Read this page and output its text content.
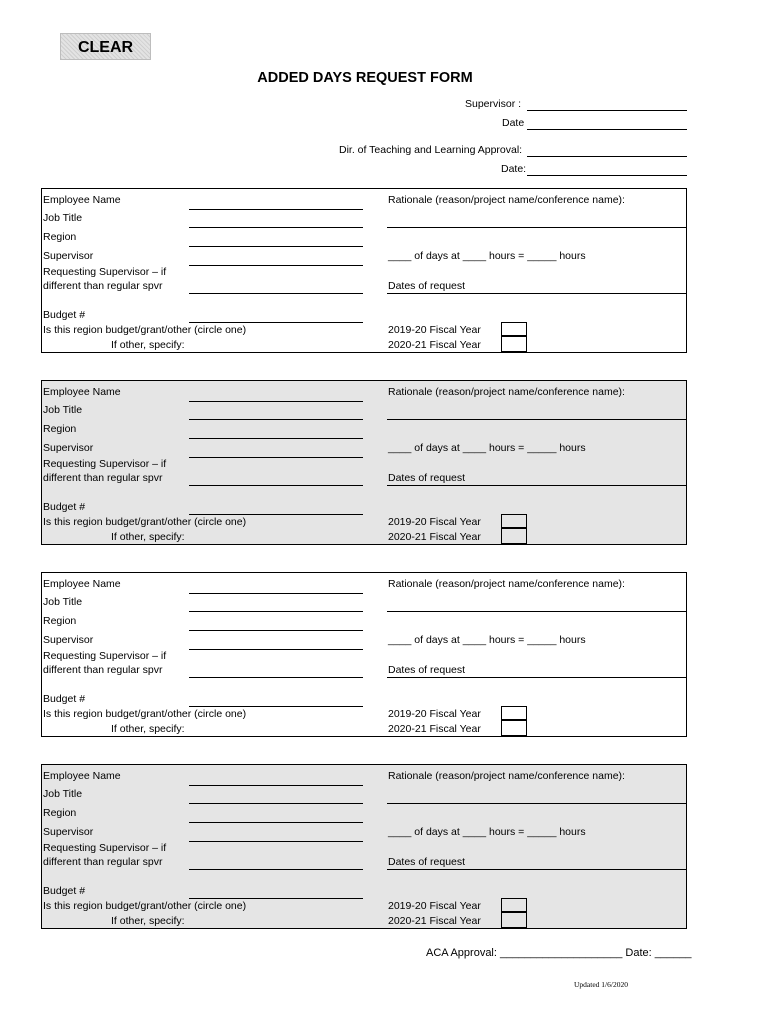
CLEAR
ADDED DAYS REQUEST FORM
Supervisor :
Date
Dir. of Teaching and Learning Approval:
Date:
Employee Name
Job Title
Region
Supervisor
Requesting Supervisor – if
different than regular spvr
Budget #
Is this region budget/grant/other (circle one)
If other, specify:
Rationale (reason/project name/conference name):
____ of days at ____ hours = _____ hours
Dates of request
2019-20 Fiscal Year
2020-21 Fiscal Year
Employee Name
Job Title
Region
Supervisor
Requesting Supervisor – if
different than regular spvr
Budget #
Is this region budget/grant/other (circle one)
If other, specify:
Rationale (reason/project name/conference name):
____ of days at ____ hours = _____ hours
Dates of request
2019-20 Fiscal Year
2020-21 Fiscal Year
Employee Name
Job Title
Region
Supervisor
Requesting Supervisor – if
different than regular spvr
Budget #
Is this region budget/grant/other (circle one)
If other, specify:
Rationale (reason/project name/conference name):
____ of days at ____ hours = _____ hours
Dates of request
2019-20 Fiscal Year
2020-21 Fiscal Year
Employee Name
Job Title
Region
Supervisor
Requesting Supervisor – if
different than regular spvr
Budget #
Is this region budget/grant/other (circle one)
If other, specify:
Rationale (reason/project name/conference name):
____ of days at ____ hours = _____ hours
Dates of request
2019-20 Fiscal Year
2020-21 Fiscal Year
ACA Approval: ____________________ Date: ______
Updated 1/6/2020
